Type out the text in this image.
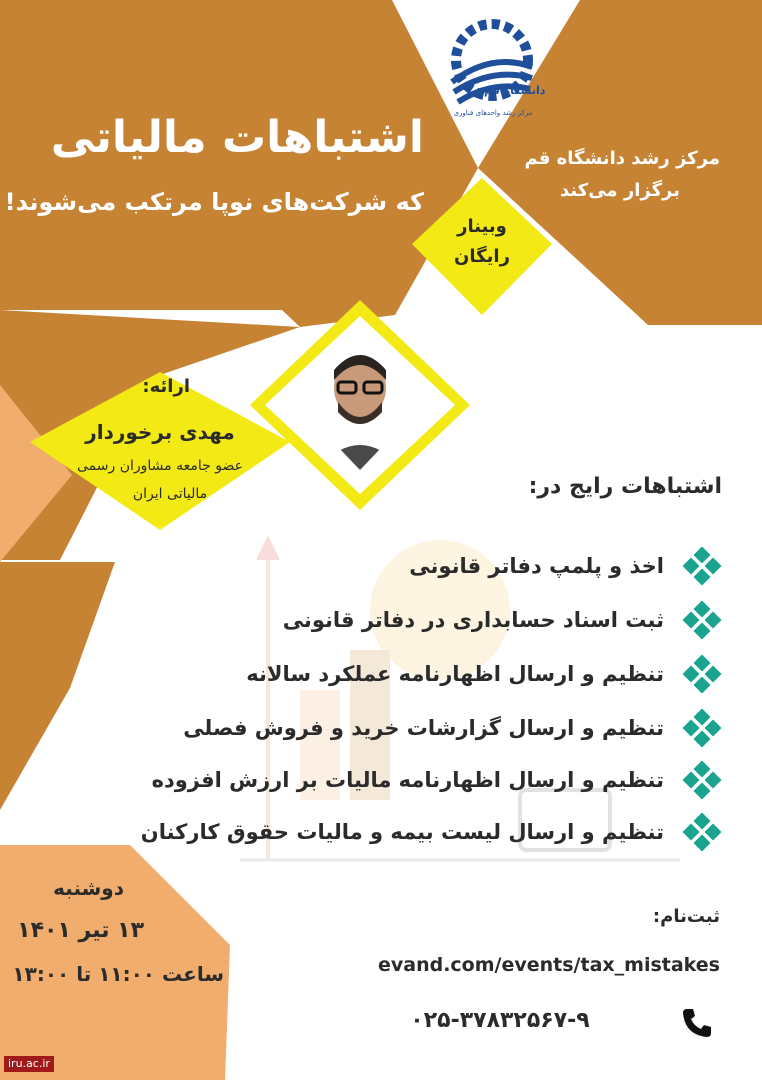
دانشگاه قم
مرکز رشد واحدهای فناوری
اشتباهات مالیاتی
که شرکت‌های نوپا مرتکب می‌شوند!
مرکز رشد دانشگاه قم
برگزار می‌کند
وبینار
رایگان
ارائه:
مهدی برخوردار
عضو جامعه مشاوران رسمی
مالیاتی ایران	اشتباهات رایج در:
اخذ و پلمپ دفاتر قانونی
ثبت اسناد حسابداری در دفاتر قانونی
تنظیم و ارسال اظهارنامه عملکرد سالانه
تنظیم و ارسال گزارشات خرید و فروش فصلی
تنظیم و ارسال اظهارنامه مالیات بر ارزش افزوده
تنظیم و ارسال لیست بیمه و مالیات حقوق کارکنان
دوشنبه
۱۳ تیر ۱۴۰۱
ساعت ۱۱:۰۰ تا ۱۳:۰۰
ثبت‌نام:
evand.com/events/tax_mistakes
۰۲۵-۳۷۸۳۲۵۶۷-۹
iru.ac.ir
